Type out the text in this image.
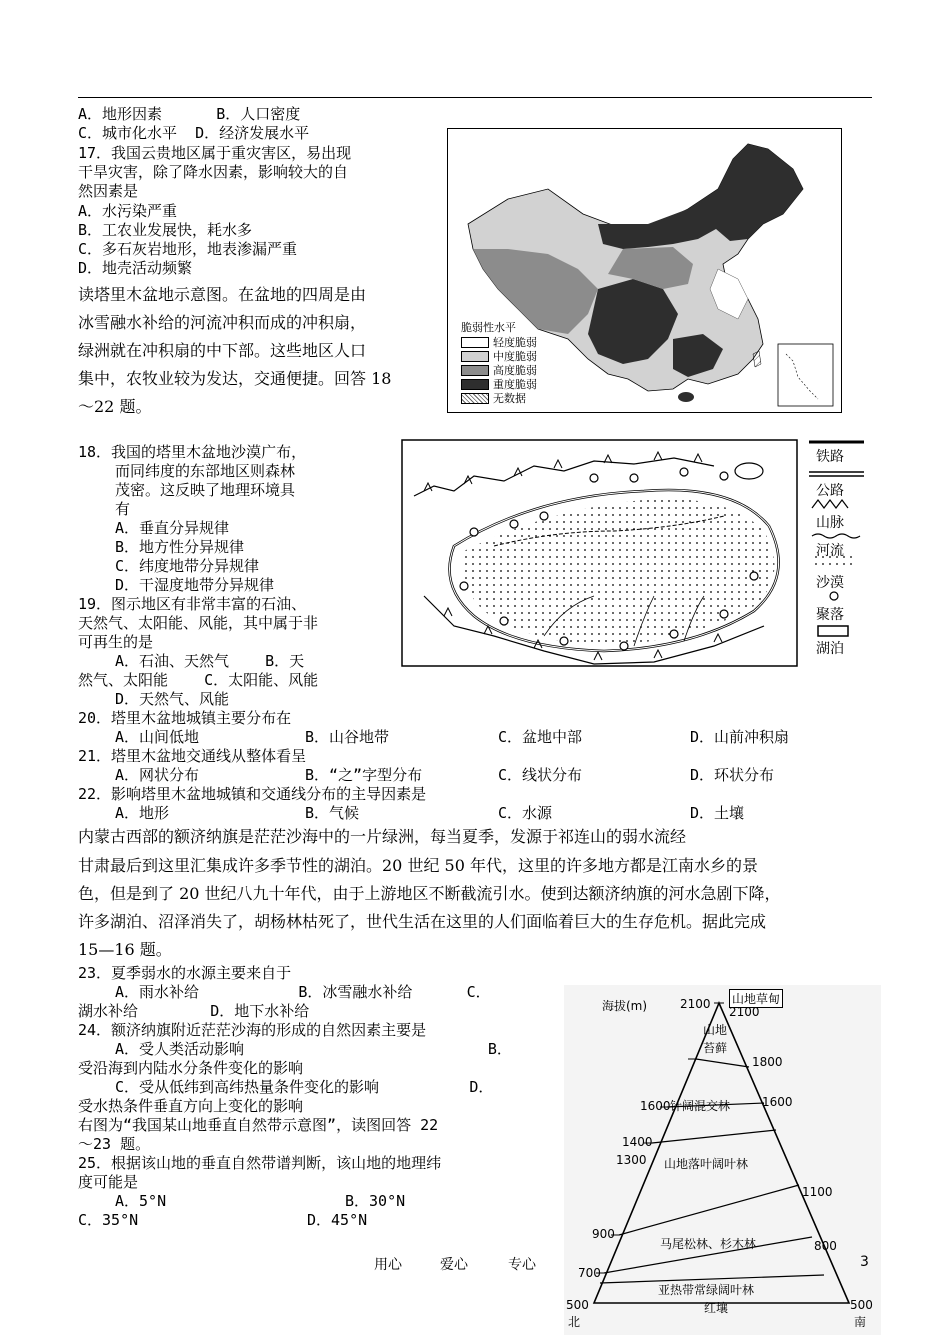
A．地形因素	B．人口密度
C．城市化水平 D．经济发展水平
17．我国云贵地区属于重灾害区，易出现
干旱灾害，除了降水因素，影响较大的自
然因素是
A．水污染严重
B．工农业发展快，耗水多
C．多石灰岩地形，地表渗漏严重
D．地壳活动频繁
读塔里木盆地示意图。在盆地的四周是由
冰雪融水补给的河流冲积而成的冲积扇，
绿洲就在冲积扇的中下部。这些地区人口
集中，农牧业较为发达，交通便捷。回答 18
～22 题。
脆弱性水平
轻度脆弱
中度脆弱
高度脆弱
重度脆弱
无数据
18．我国的塔里木盆地沙漠广布，
而同纬度的东部地区则森林
茂密。这反映了地理环境具
有
A．垂直分异规律
B．地方性分异规律
C．纬度地带分异规律
D．干湿度地带分异规律
19．图示地区有非常丰富的石油、
天然气、太阳能、风能，其中属于非
可再生的是
A．石油、天然气    B．天
然气、太阳能    C．太阳能、风能
D．天然气、风能
铁路
公路
山脉
河流
沙漠
聚落
湖泊
20．塔里木盆地城镇主要分布在
A．山间低地	B．山谷地带	C．盆地中部	D．山前冲积扇
21．塔里木盆地交通线从整体看呈
A．网状分布	B．“之”字型分布	C．线状分布	D．环状分布
22．影响塔里木盆地城镇和交通线分布的主导因素是
A．地形	B．气候	C．水源	D．土壤
内蒙古西部的额济纳旗是茫茫沙海中的一片绿洲，每当夏季，发源于祁连山的弱水流经
甘肃最后到这里汇集成许多季节性的湖泊。20 世纪 50 年代，这里的许多地方都是江南水乡的景
色，但是到了 20 世纪八九十年代，由于上游地区不断截流引水。使到达额济纳旗的河水急剧下降，
许多湖泊、沼泽消失了，胡杨林枯死了，世代生活在这里的人们面临着巨大的生存危机。据此完成
15—16 题。
23．夏季弱水的水源主要来自于
A．雨水补给           B．冰雪融水补给      C．
湖水补给        D．地下水补给
24．额济纳旗附近茫茫沙海的形成的自然因素主要是
A．受人类活动影响                           B．
受沿海到内陆水分条件变化的影响
C．受从低纬到高纬热量条件变化的影响          D．
受水热条件垂直方向上变化的影响
右图为“我国某山地垂直自然带示意图”，读图回答 22
～23 题。
25．根据该山地的垂直自然带谱判断，该山地的地理纬
度可能是
A．5°N	B．30°N
C．35°N	D．45°N
海拔(m)	2100 山地草甸
2100
山地
苔藓
1800
1600 针阔混交林	1600
1400
1300 山地落叶阔叶林
1100
900
马尾松林、杉木林	800
700
亚热带常绿阔叶林
红壤
500
北
500
南
用心	爱心	专心	3
